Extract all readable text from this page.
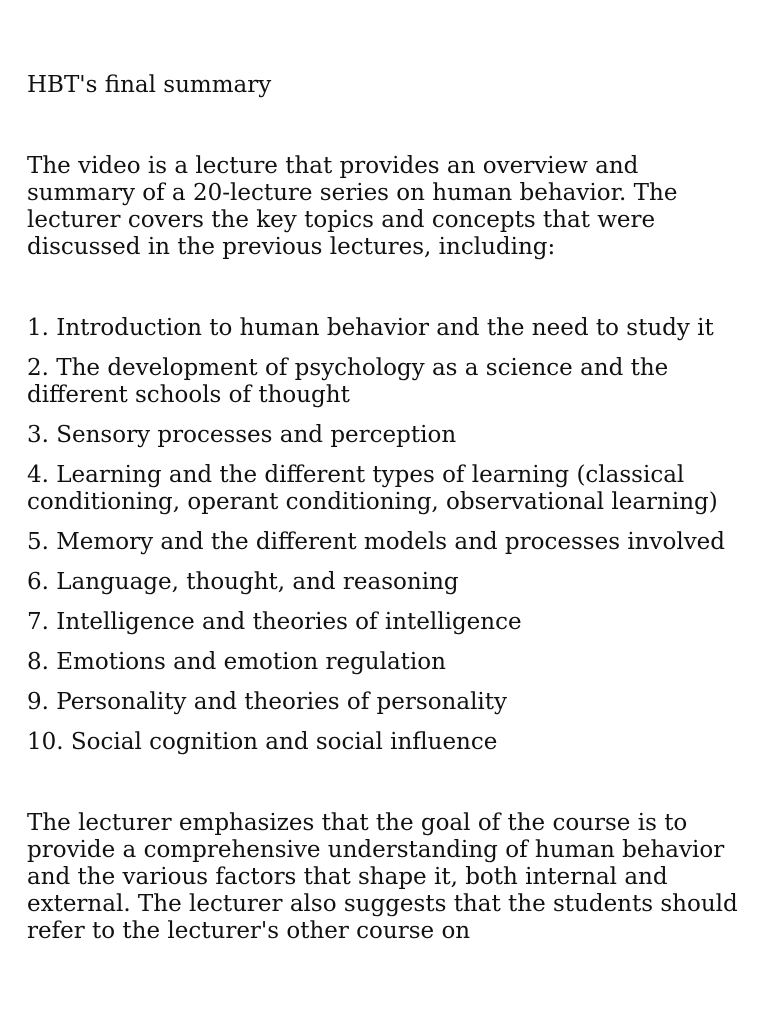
HBT's final summary

The video is a lecture that provides an overview and summary of a 20-lecture series on human behavior. The lecturer covers the key topics and concepts that were discussed in the previous lectures, including:

1. Introduction to human behavior and the need to study it
2. The development of psychology as a science and the different schools of thought
3. Sensory processes and perception
4. Learning and the different types of learning (classical conditioning, operant conditioning, observational learning)
5. Memory and the different models and processes involved
6. Language, thought, and reasoning
7. Intelligence and theories of intelligence
8. Emotions and emotion regulation
9. Personality and theories of personality
10. Social cognition and social influence

The lecturer emphasizes that the goal of the course is to provide a comprehensive understanding of human behavior and the various factors that shape it, both internal and external. The lecturer also suggests that the students should refer to the lecturer's other course on
